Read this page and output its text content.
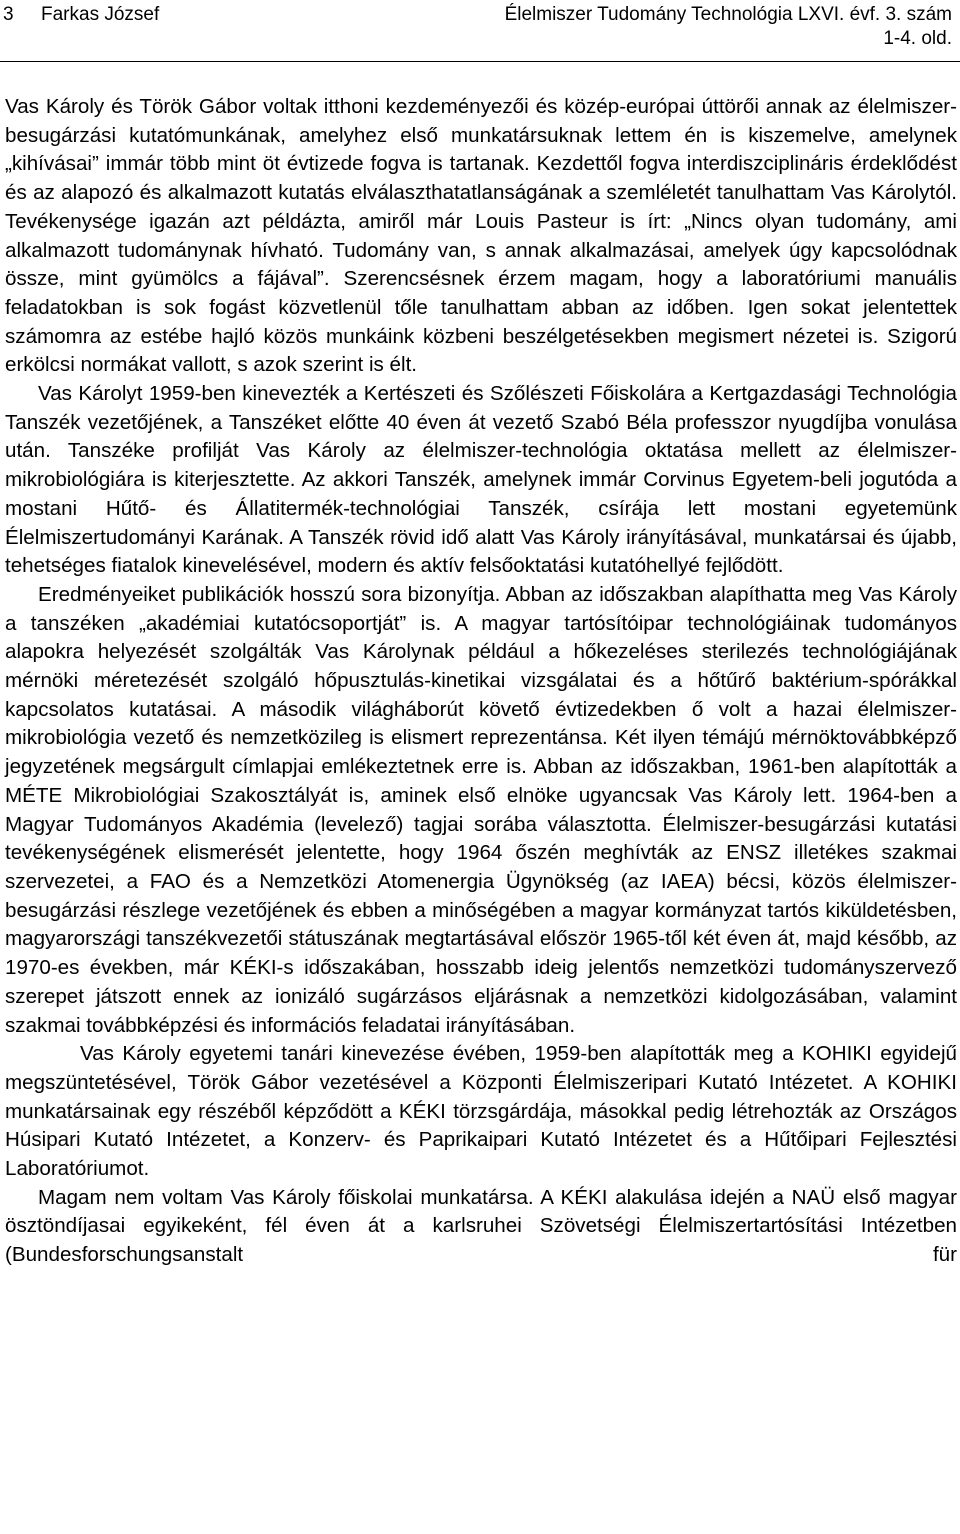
3 Farkas József	Élelmiszer Tudomány Technológia LXVI. évf. 3. szám
1-4. old.

Vas Károly és Török Gábor voltak itthoni kezdeményezői és közép-európai úttörői annak az élelmiszer-besugárzási kutatómunkának, amelyhez első munkatársuknak lettem én is kiszemelve, amelynek „kihívásai” immár több mint öt évtizede fogva is tartanak. Kezdettől fogva interdiszciplináris érdeklődést és az alapozó és alkalmazott kutatás elválaszthatatlanságának a szemléletét tanulhattam Vas Károlytól. Tevékenysége igazán azt példázta, amiről már Louis Pasteur is írt: „Nincs olyan tudomány, ami alkalmazott tudománynak hívható. Tudomány van, s annak alkalmazásai, amelyek úgy kapcsolódnak össze, mint gyümölcs a fájával”. Szerencsésnek érzem magam, hogy a laboratóriumi manuális feladatokban is sok fogást közvetlenül tőle tanulhattam abban az időben. Igen sokat jelentettek számomra az estébe hajló közös munkáink közbeni beszélgetésekben megismert nézetei is. Szigorú erkölcsi normákat vallott, s azok szerint is élt.

Vas Károlyt 1959-ben kinevezték a Kertészeti és Szőlészeti Főiskolára a Kertgazdasági Technológia Tanszék vezetőjének, a Tanszéket előtte 40 éven át vezető Szabó Béla professzor nyugdíjba vonulása után. Tanszéke profilját Vas Károly az élelmiszer-technológia oktatása mellett az élelmiszer-mikrobiológiára is kiterjesztette. Az akkori Tanszék, amelynek immár Corvinus Egyetem-beli jogutóda a mostani Hűtő- és Állatitermék-technológiai Tanszék, csírája lett mostani egyetemünk Élelmiszertudományi Karának. A Tanszék rövid idő alatt Vas Károly irányításával, munkatársai és újabb, tehetséges fiatalok kinevelésével, modern és aktív felsőoktatási kutatóhellyé fejlődött.

Eredményeiket publikációk hosszú sora bizonyítja. Abban az időszakban alapíthatta meg Vas Károly a tanszéken „akadémiai kutatócsoportját” is. A magyar tartósítóipar technológiáinak tudományos alapokra helyezését szolgálták Vas Károlynak például a hőkezeléses sterilezés technológiájának mérnöki méretezését szolgáló hőpusztulás-kinetikai vizsgálatai és a hőtűrő baktérium-spórákkal kapcsolatos kutatásai. A második világháborút követő évtizedekben ő volt a hazai élelmiszer-mikrobiológia vezető és nemzetközileg is elismert reprezentánsa. Két ilyen témájú mérnöktovábbképző jegyzetének megsárgult címlapjai emlékeztetnek erre is. Abban az időszakban, 1961-ben alapították a MÉTE Mikrobiológiai Szakosztályát is, aminek első elnöke ugyancsak Vas Károly lett. 1964-ben a Magyar Tudományos Akadémia (levelező) tagjai sorába választotta. Élelmiszer-besugárzási kutatási tevékenységének elismerését jelentette, hogy 1964 őszén meghívták az ENSZ illetékes szakmai szervezetei, a FAO és a Nemzetközi Atomenergia Ügynökség (az IAEA) bécsi, közös élelmiszer-besugárzási részlege vezetőjének és ebben a minőségében a magyar kormányzat tartós kiküldetésben, magyarországi tanszékvezetői státuszának megtartásával először 1965-től két éven át, majd később, az 1970-es években, már KÉKI-s időszakában, hosszabb ideig jelentős nemzetközi tudományszervező szerepet játszott ennek az ionizáló sugárzásos eljárásnak a nemzetközi kidolgozásában, valamint szakmai továbbképzési és információs feladatai irányításában.

Vas Károly egyetemi tanári kinevezése évében, 1959-ben alapították meg a KOHIKI egyidejű megszüntetésével, Török Gábor vezetésével a Központi Élelmiszeripari Kutató Intézetet. A KOHIKI munkatársainak egy részéből képződött a KÉKI törzsgárdája, másokkal pedig létrehozták az Országos Húsipari Kutató Intézetet, a Konzerv- és Paprikaipari Kutató Intézetet és a Hűtőipari Fejlesztési Laboratóriumot.

Magam nem voltam Vas Károly főiskolai munkatársa. A KÉKI alakulása idején a NAÜ első magyar ösztöndíjasai egyikeként, fél éven át a karlsruhei Szövetségi Élelmiszertartósítási Intézetben (Bundesforschungsanstalt für
